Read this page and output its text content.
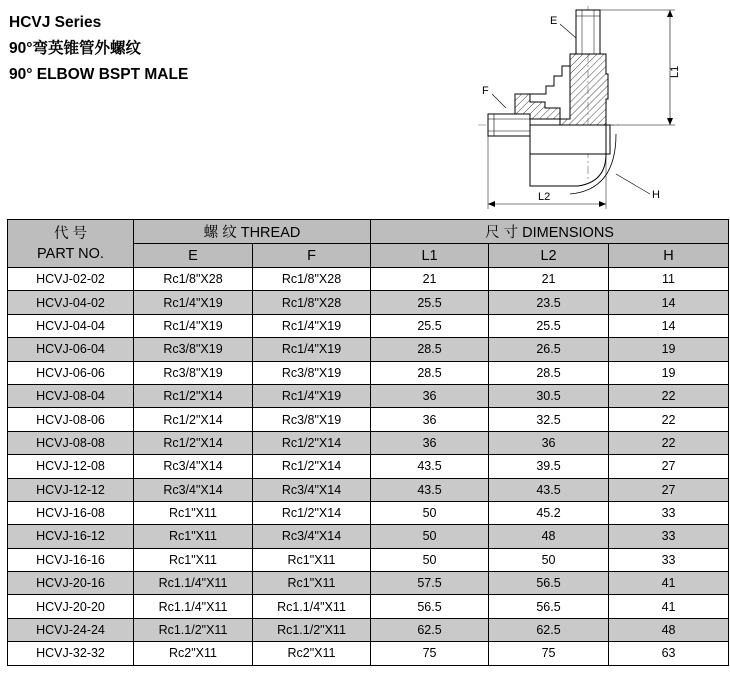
HCVJ Series
90°弯英锥管外螺纹
90° ELBOW BSPT MALE
E
F
L1
L2	H
代 号
PART NO.	螺 纹 THREAD		尺 寸 DIMENSIONS		
	E	F	L1	L2	H
HCVJ-02-02	Rc1/8"X28	Rc1/8"X28	21	21	11
HCVJ-04-02	Rc1/4"X19	Rc1/8"X28	25.5	23.5	14
HCVJ-04-04	Rc1/4"X19	Rc1/4"X19	25.5	25.5	14
HCVJ-06-04	Rc3/8"X19	Rc1/4"X19	28.5	26.5	19
HCVJ-06-06	Rc3/8"X19	Rc3/8"X19	28.5	28.5	19
HCVJ-08-04	Rc1/2"X14	Rc1/4"X19	36	30.5	22
HCVJ-08-06	Rc1/2"X14	Rc3/8"X19	36	32.5	22
HCVJ-08-08	Rc1/2"X14	Rc1/2"X14	36	36	22
HCVJ-12-08	Rc3/4"X14	Rc1/2"X14	43.5	39.5	27
HCVJ-12-12	Rc3/4"X14	Rc3/4"X14	43.5	43.5	27
HCVJ-16-08	Rc1"X11	Rc1/2"X14	50	45.2	33
HCVJ-16-12	Rc1"X11	Rc3/4"X14	50	48	33
HCVJ-16-16	Rc1"X11	Rc1"X11	50	50	33
HCVJ-20-16	Rc1.1/4"X11	Rc1"X11	57.5	56.5	41
HCVJ-20-20	Rc1.1/4"X11	Rc1.1/4"X11	56.5	56.5	41
HCVJ-24-24	Rc1.1/2"X11	Rc1.1/2"X11	62.5	62.5	48
HCVJ-32-32	Rc2"X11	Rc2"X11	75	75	63
